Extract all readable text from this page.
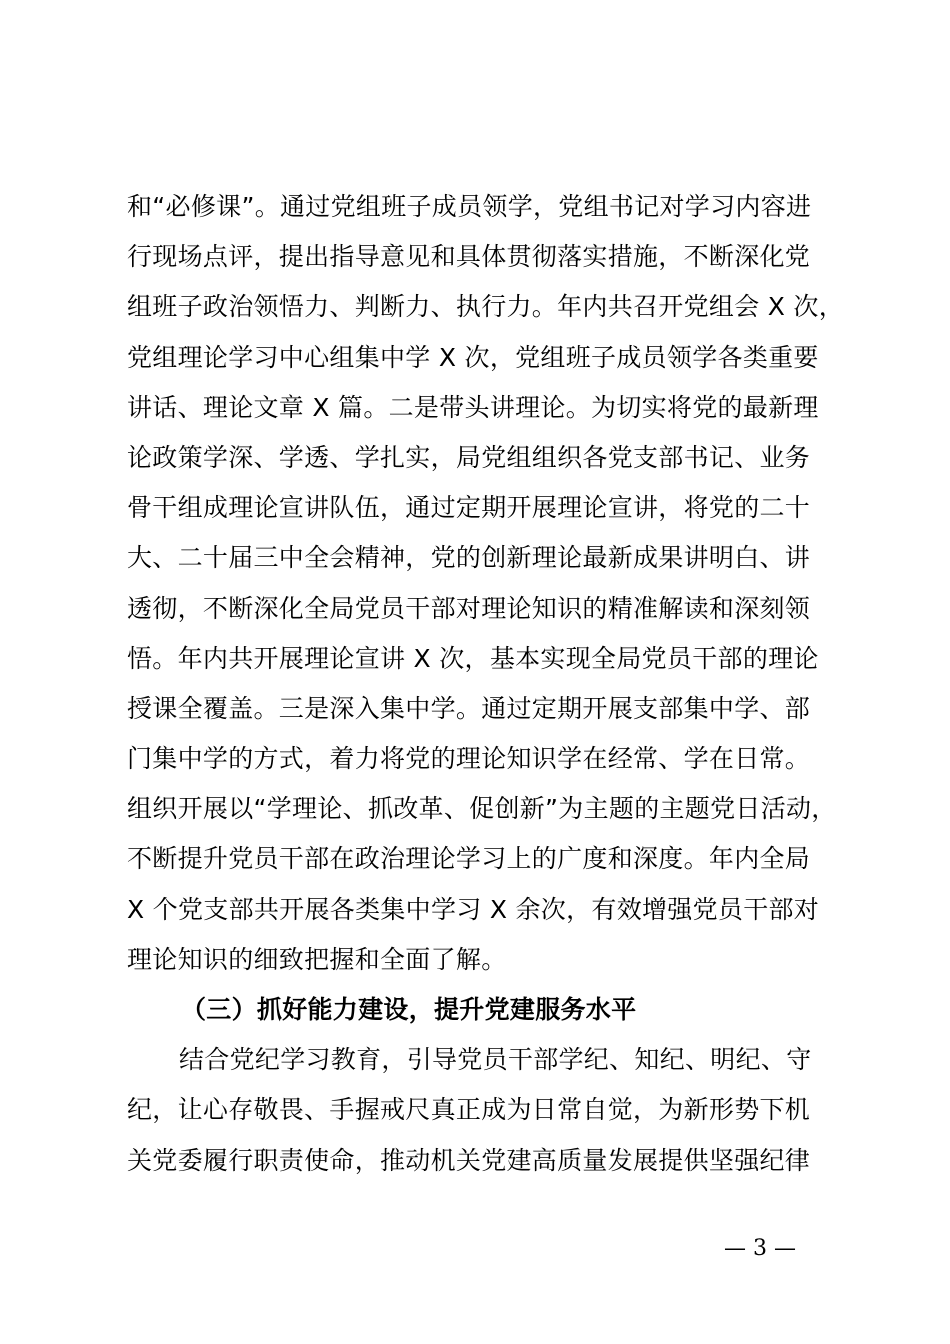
和“必修课”。通过党组班子成员领学，党组书记对学习内容进
行现场点评，提出指导意见和具体贯彻落实措施，不断深化党
组班子政治领悟力、判断力、执行力。年内共召开党组会 X 次，
党组理论学习中心组集中学 X 次，党组班子成员领学各类重要
讲话、理论文章 X 篇。二是带头讲理论。为切实将党的最新理
论政策学深、学透、学扎实，局党组组织各党支部书记、业务
骨干组成理论宣讲队伍，通过定期开展理论宣讲，将党的二十
大、二十届三中全会精神，党的创新理论最新成果讲明白、讲
透彻，不断深化全局党员干部对理论知识的精准解读和深刻领
悟。年内共开展理论宣讲 X 次，基本实现全局党员干部的理论
授课全覆盖。三是深入集中学。通过定期开展支部集中学、部
门集中学的方式，着力将党的理论知识学在经常、学在日常。
组织开展以“学理论、抓改革、促创新”为主题的主题党日活动，
不断提升党员干部在政治理论学习上的广度和深度。年内全局
X 个党支部共开展各类集中学习 X 余次，有效增强党员干部对
理论知识的细致把握和全面了解。
（三）抓好能力建设，提升党建服务水平
结合党纪学习教育，引导党员干部学纪、知纪、明纪、守
纪，让心存敬畏、手握戒尺真正成为日常自觉，为新形势下机
关党委履行职责使命，推动机关党建高质量发展提供坚强纪律
— 3 —
